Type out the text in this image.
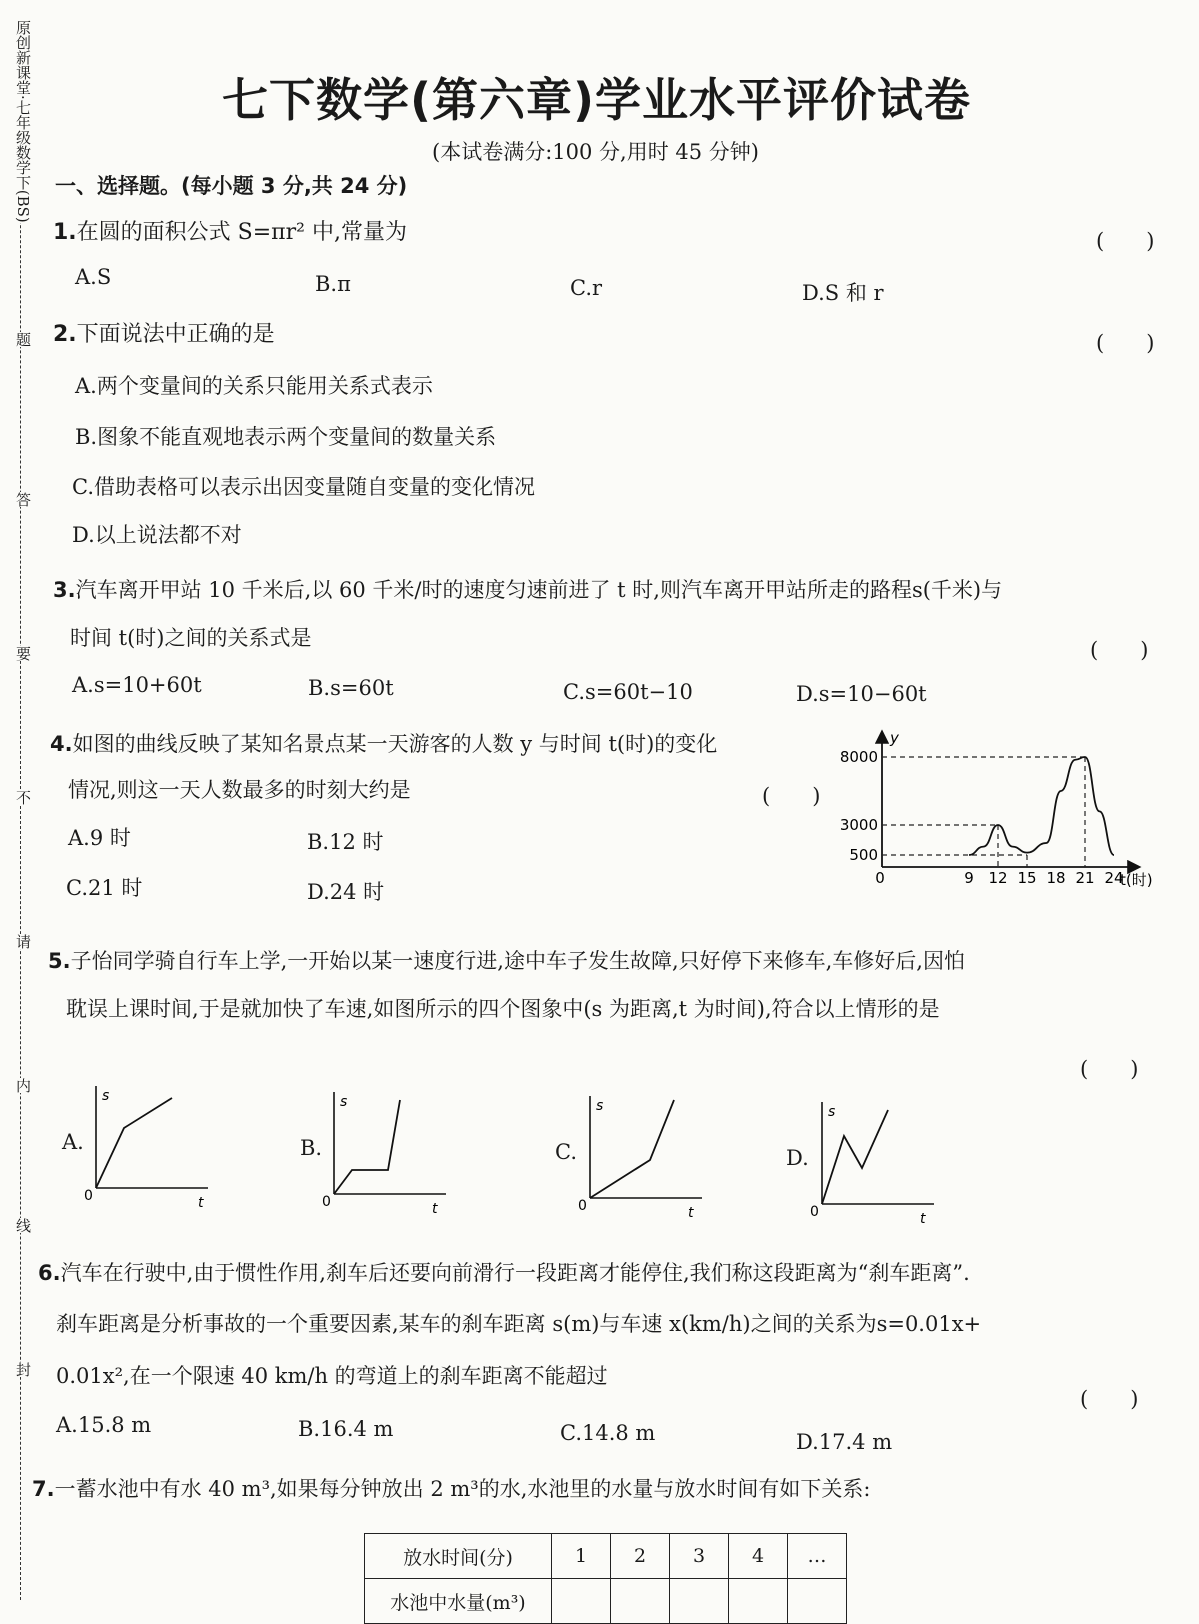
原创新课堂·七年级数学下(BS)
题
答
要
不
请
内
线
封
七下数学(第六章)学业水平评价试卷
(本试卷满分:100 分,用时 45 分钟)
一、选择题。(每小题 3 分,共 24 分)
1.在圆的面积公式 S=πr² 中,常量为	(　　)
A.S	B.π	C.r	D.S 和 r
2.下面说法中正确的是	(　　)
A.两个变量间的关系只能用关系式表示
B.图象不能直观地表示两个变量间的数量关系
C.借助表格可以表示出因变量随自变量的变化情况
D.以上说法都不对
3.汽车离开甲站 10 千米后,以 60 千米/时的速度匀速前进了 t 时,则汽车离开甲站所走的路程s(千米)与
时间 t(时)之间的关系式是	(　　)
A.s=10+60t	B.s=60t	C.s=60t−10	D.s=10−60t
4.如图的曲线反映了某知名景点某一天游客的人数 y 与时间 t(时)的变化
情况,则这一天人数最多的时刻大约是	(　　)
A.9 时	B.12 时
C.21 时	D.24 时
0	9 12 15 18 21 24
500
3000
8000
y
t(时)
5.子怡同学骑自行车上学,一开始以某一速度行进,途中车子发生故障,只好停下来修车,车修好后,因怕
耽误上课时间,于是就加快了车速,如图所示的四个图象中(s 为距离,t 为时间),符合以上情形的是
(　　)
A.	B.	C.	D.
0	t
s
0	t
s
0	t
s
0	t
s
6.汽车在行驶中,由于惯性作用,刹车后还要向前滑行一段距离才能停住,我们称这段距离为“刹车距离”.
刹车距离是分析事故的一个重要因素,某车的刹车距离 s(m)与车速 x(km/h)之间的关系为s=0.01x+
0.01x²,在一个限速 40 km/h 的弯道上的刹车距离不能超过
(　　)
A.15.8 m	B.16.4 m	C.14.8 m	D.17.4 m
7.一蓄水池中有水 40 m³,如果每分钟放出 2 m³的水,水池里的水量与放水时间有如下关系:
放水时间(分)	1	2	3	4	…
水池中水量(m³)					
